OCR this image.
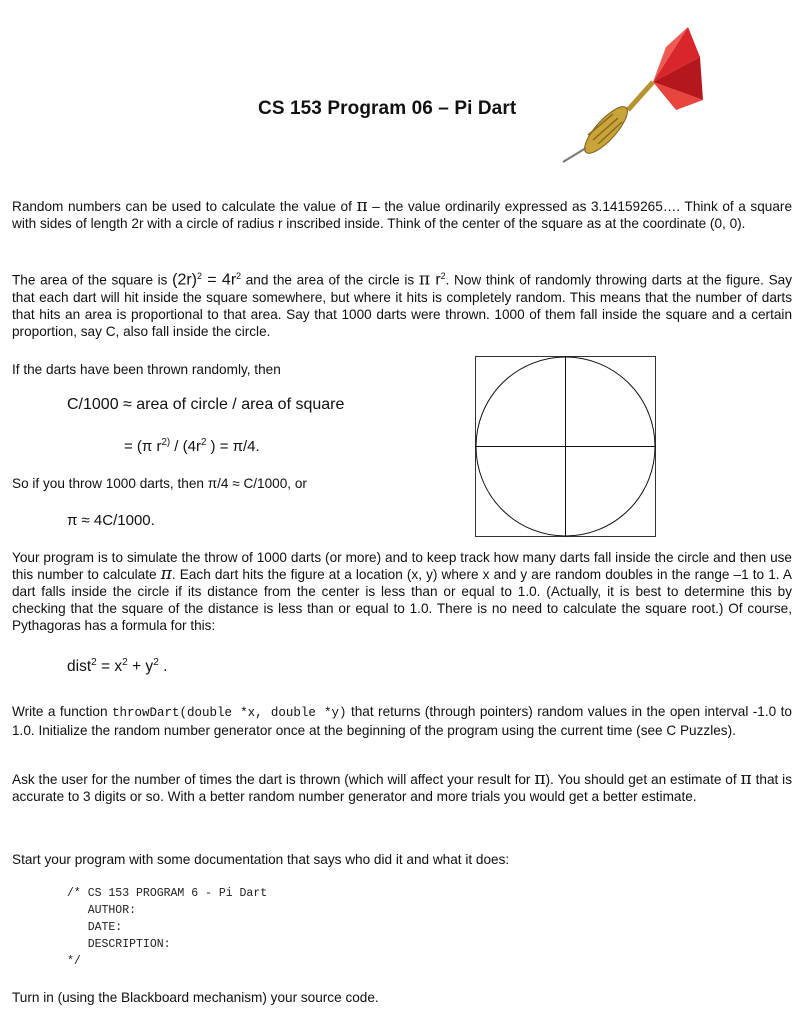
CS 153 Program 06 – Pi Dart
Random numbers can be used to calculate the value of π – the value ordinarily expressed as 3.14159265…. Think of a square with sides of length 2r with a circle of radius r inscribed inside. Think of the center of the square as at the coordinate (0, 0).
The area of the square is $(2r)^2 = 4r^2$ and the area of the circle is π $r^2$. Now think of randomly throwing darts at the figure. Say that each dart will hit inside the square somewhere, but where it hits is completely random. This means that the number of darts that hits an area is proportional to that area. Say that 1000 darts were thrown. 1000 of them fall inside the square and a certain proportion, say C, also fall inside the circle.
If the darts have been thrown randomly, then
C/1000 ≈ area of circle / area of square
= (π $r^{2)} / (4r^2$ ) = π/4.
So if you throw 1000 darts, then π/4 ≈ C/1000, or
π ≈ 4C/1000.
Your program is to simulate the throw of 1000 darts (or more) and to keep track how many darts fall inside the circle and then use this number to calculate π. Each dart hits the figure at a location (x, y) where x and y are random doubles in the range –1 to 1. A dart falls inside the circle if its distance from the center is less than or equal to 1.0. (Actually, it is best to determine this by checking that the square of the distance is less than or equal to 1.0. There is no need to calculate the square root.) Of course, Pythagoras has a formula for this:
dist$^2$ = $x^2 + y^2$ .
Write a function throwDart(double *x, double *y) that returns (through pointers) random values in the open interval -1.0 to 1.0. Initialize the random number generator once at the beginning of the program using the current time (see C Puzzles).
Ask the user for the number of times the dart is thrown (which will affect your result for π). You should get an estimate of π that is accurate to 3 digits or so. With a better random number generator and more trials you would get a better estimate.
Start your program with some documentation that says who did it and what it does:
/* CS 153 PROGRAM 6 - Pi Dart
AUTHOR:
DATE:
DESCRIPTION:
*/
Turn in (using the Blackboard mechanism) your source code.
